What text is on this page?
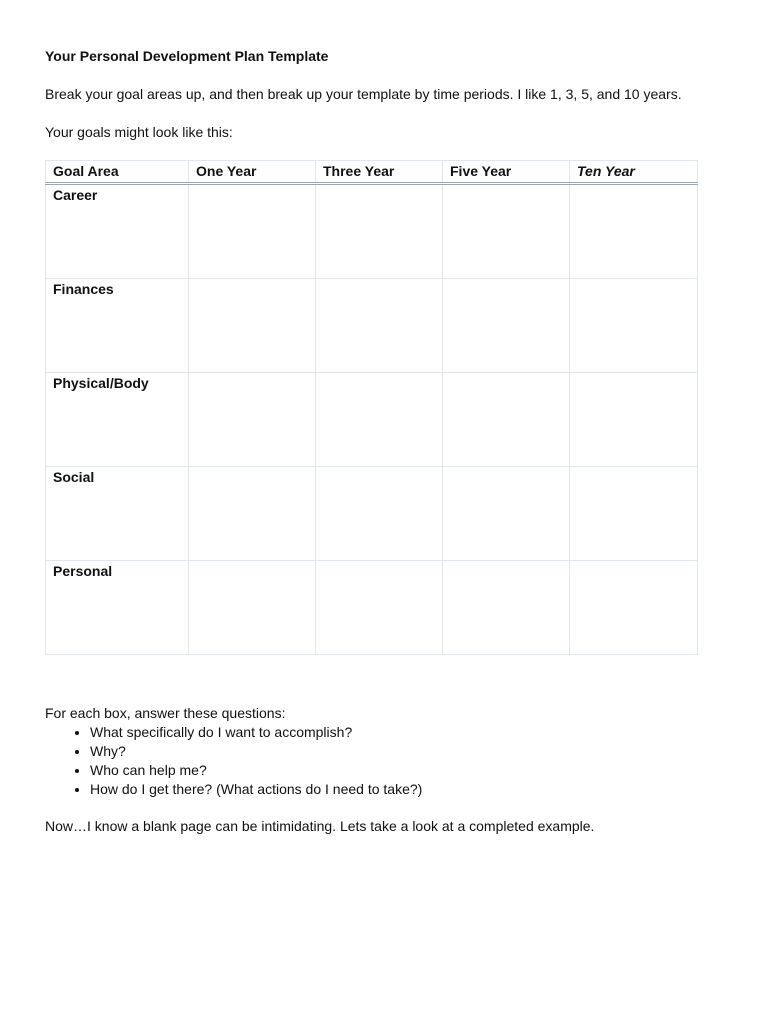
Your Personal Development Plan Template

Break your goal areas up, and then break up your template by time periods. I like 1, 3, 5, and 10 years.

Your goals might look like this:

Goal Area	One Year	Three Year	Five Year	Ten Year
Career				
Finances				
Physical/Body				
Social				
Personal				

For each box, answer these questions:

• What specifically do I want to accomplish?
• Why?
• Who can help me?
• How do I get there? (What actions do I need to take?)

Now…I know a blank page can be intimidating. Lets take a look at a completed example.
